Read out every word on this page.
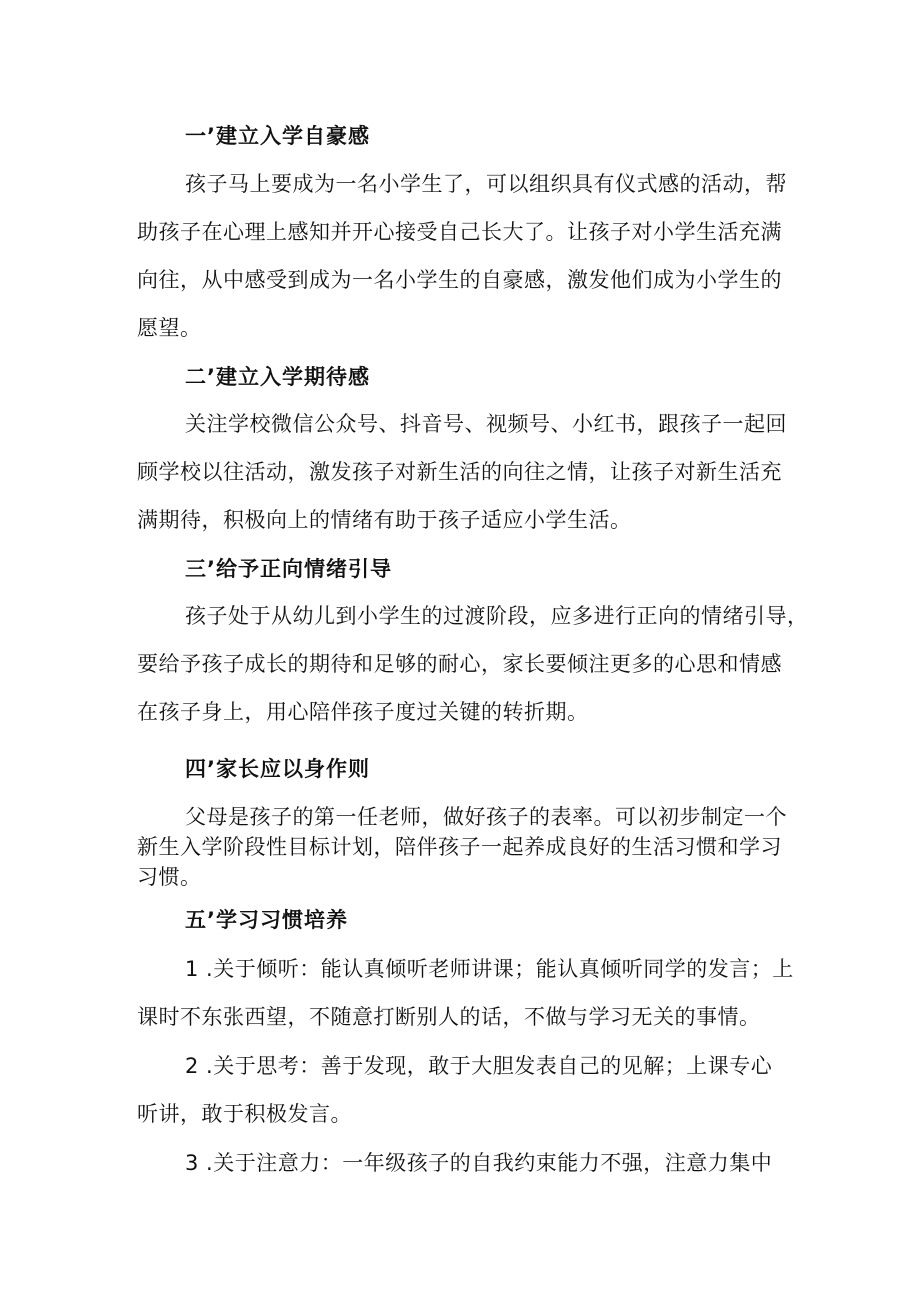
一’建立入学自豪感
孩子马上要成为一名小学生了，可以组织具有仪式感的活动，帮
助孩子在心理上感知并开心接受自己长大了。让孩子对小学生活充满
向往，从中感受到成为一名小学生的自豪感，激发他们成为小学生的
愿望。
二’建立入学期待感
关注学校微信公众号、抖音号、视频号、小红书，跟孩子一起回
顾学校以往活动，激发孩子对新生活的向往之情，让孩子对新生活充
满期待，积极向上的情绪有助于孩子适应小学生活。
三’给予正向情绪引导
孩子处于从幼儿到小学生的过渡阶段，应多进行正向的情绪引导，
要给予孩子成长的期待和足够的耐心，家长要倾注更多的心思和情感
在孩子身上，用心陪伴孩子度过关键的转折期。
四’家长应以身作则
父母是孩子的第一任老师，做好孩子的表率。可以初步制定一个
新生入学阶段性目标计划，陪伴孩子一起养成良好的生活习惯和学习
习惯。
五’学习习惯培养
1 .关于倾听：能认真倾听老师讲课；能认真倾听同学的发言；上
课时不东张西望，不随意打断别人的话，不做与学习无关的事情。
2 .关于思考：善于发现，敢于大胆发表自己的见解；上课专心
听讲，敢于积极发言。
3 .关于注意力：一年级孩子的自我约束能力不强，注意力集中
